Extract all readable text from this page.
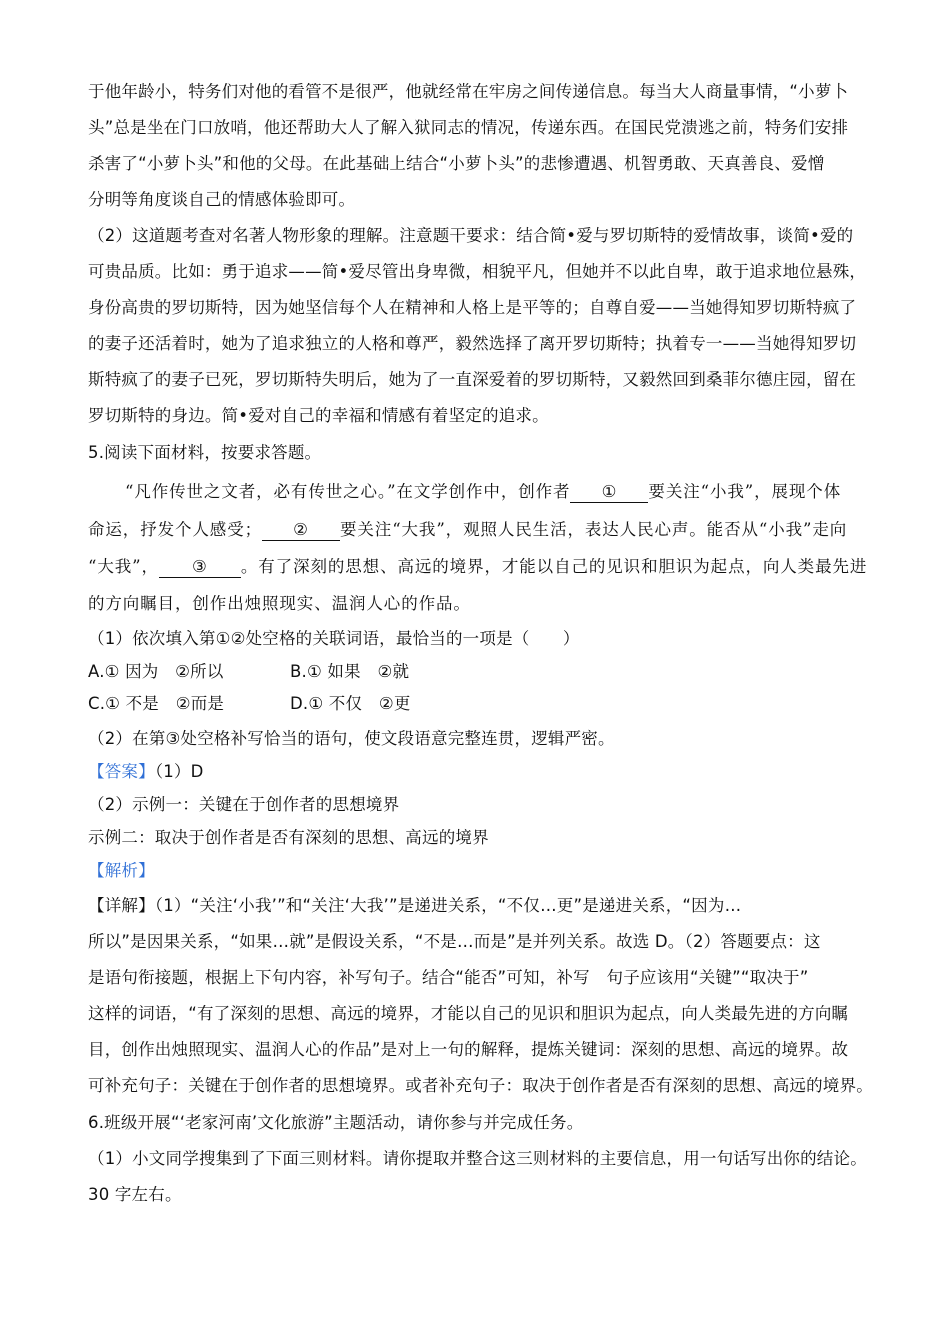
于他年龄小，特务们对他的看管不是很严，他就经常在牢房之间传递信息。每当大人商量事情，“小萝卜
头”总是坐在门口放哨，他还帮助大人了解入狱同志的情况，传递东西。在国民党溃逃之前，特务们安排
杀害了“小萝卜头”和他的父母。在此基础上结合“小萝卜头”的悲惨遭遇、机智勇敢、天真善良、爱憎
分明等角度谈自己的情感体验即可。
（2）这道题考查对名著人物形象的理解。注意题干要求：结合简•爱与罗切斯特的爱情故事，谈简•爱的
可贵品质。比如：勇于追求——简•爱尽管出身卑微，相貌平凡，但她并不以此自卑，敢于追求地位悬殊，
身份高贵的罗切斯特，因为她坚信每个人在精神和人格上是平等的；自尊自爱——当她得知罗切斯特疯了
的妻子还活着时，她为了追求独立的人格和尊严，毅然选择了离开罗切斯特；执着专一——当她得知罗切
斯特疯了的妻子已死，罗切斯特失明后，她为了一直深爱着的罗切斯特，又毅然回到桑菲尔德庄园，留在
罗切斯特的身边。简•爱对自己的幸福和情感有着坚定的追求。
5.阅读下面材料，按要求答题。
“凡作传世之文者，必有传世之心。”在文学创作中，创作者 ① 要关注“小我”，展现个体
命运，抒发个人感受； ② 要关注“大我”，观照人民生活，表达人民心声。能否从“小我”走向
“大我”， ③ 。有了深刻的思想、高远的境界，才能以自己的见识和胆识为起点，向人类最先进
的方向瞩目，创作出烛照现实、温润人心的作品。
（1）依次填入第①②处空格的关联词语，最恰当的一项是（　　）
A.① 因为　②所以	B.① 如果　②就
C.① 不是　②而是	D.① 不仅　②更
（2）在第③处空格补写恰当的语句，使文段语意完整连贯，逻辑严密。
【答案】（1）D
（2）示例一：关键在于创作者的思想境界
示例二：取决于创作者是否有深刻的思想、高远的境界
【解析】
【详解】（1）“关注‘小我’”和“关注‘大我’”是递进关系，“不仅…更”是递进关系，“因为…
所以”是因果关系，“如果…就”是假设关系，“不是…而是”是并列关系。故选 D。（2）答题要点：这
是语句衔接题，根据上下句内容，补写句子。结合“能否”可知，补写　句子应该用“关键”“取决于”
这样的词语，“有了深刻的思想、高远的境界，才能以自己的见识和胆识为起点，向人类最先进的方向瞩
目，创作出烛照现实、温润人心的作品”是对上一句的解释，提炼关键词：深刻的思想、高远的境界。故
可补充句子：关键在于创作者的思想境界。或者补充句子：取决于创作者是否有深刻的思想、高远的境界。
6.班级开展“‘老家河南’文化旅游”主题活动，请你参与并完成任务。
（1）小文同学搜集到了下面三则材料。请你提取并整合这三则材料的主要信息，用一句话写出你的结论。
30 字左右。
